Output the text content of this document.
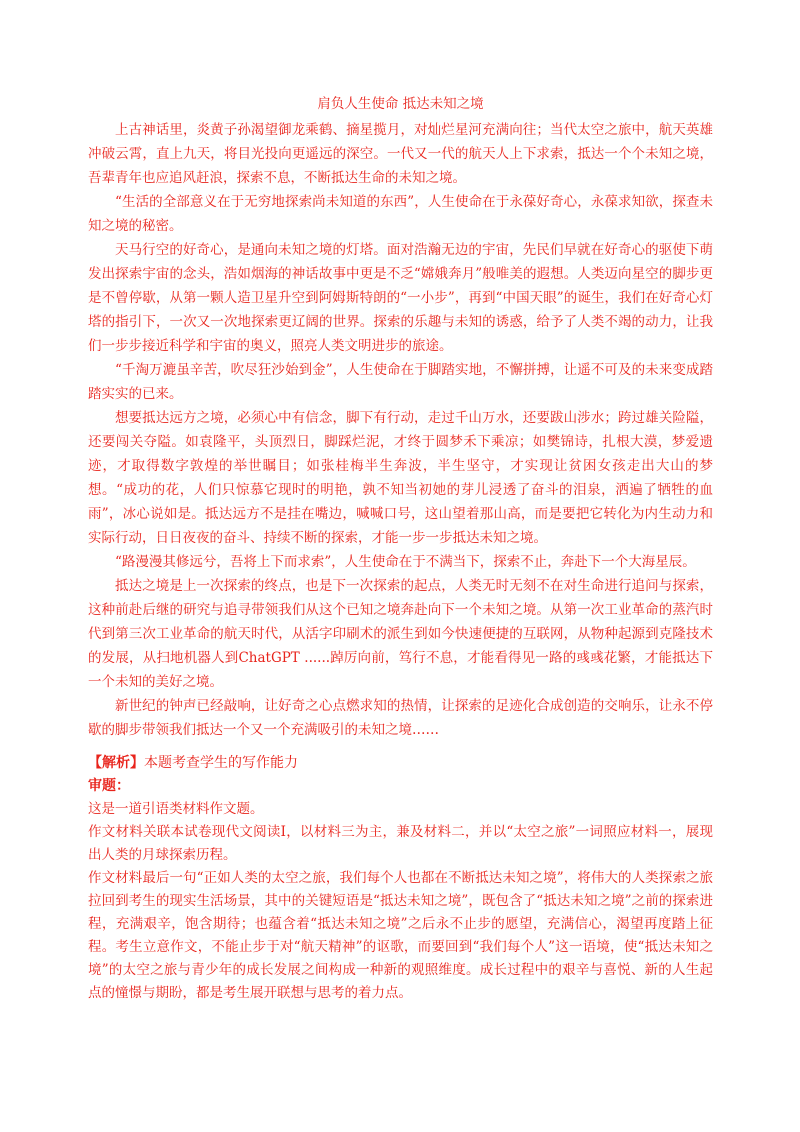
肩负人生使命 抵达未知之境

上古神话里，炎黄子孙渴望御龙乘鹤、摘星揽月，对灿烂星河充满向往；当代太空之旅中，航天英雄冲破云霄，直上九天，将目光投向更遥远的深空。一代又一代的航天人上下求索，抵达一个个未知之境，吾辈青年也应追风赶浪，探索不息，不断抵达生命的未知之境。

“生活的全部意义在于无穷地探索尚未知道的东西”，人生使命在于永葆好奇心，永葆求知欲，探查未知之境的秘密。

天马行空的好奇心，是通向未知之境的灯塔。面对浩瀚无边的宇宙，先民们早就在好奇心的驱使下萌发出探索宇宙的念头，浩如烟海的神话故事中更是不乏“嫦娥奔月”般唯美的遐想。人类迈向星空的脚步更是不曾停歇，从第一颗人造卫星升空到阿姆斯特朗的“一小步”，再到“中国天眼”的诞生，我们在好奇心灯塔的指引下，一次又一次地探索更辽阔的世界。探索的乐趣与未知的诱惑，给予了人类不竭的动力，让我们一步步接近科学和宇宙的奥义，照亮人类文明进步的旅途。

“千淘万漉虽辛苦，吹尽狂沙始到金”，人生使命在于脚踏实地，不懈拼搏，让遥不可及的未来变成踏踏实实的已来。

想要抵达远方之境，必须心中有信念，脚下有行动，走过千山万水，还要跋山涉水；跨过雄关险隘，还要闯关夺隘。如袁隆平，头顶烈日，脚踩烂泥，才终于圆梦禾下乘凉；如樊锦诗，扎根大漠，梦爱遗迹，才取得数字敦煌的举世瞩目；如张桂梅半生奔波，半生坚守，才实现让贫困女孩走出大山的梦想。“成功的花，人们只惊慕它现时的明艳，孰不知当初她的芽儿浸透了奋斗的泪泉，洒遍了牺牲的血雨”，冰心说如是。抵达远方不是挂在嘴边，喊喊口号，这山望着那山高，而是要把它转化为内生动力和实际行动，日日夜夜的奋斗、持续不断的探索，才能一步一步抵达未知之境。

“路漫漫其修远兮，吾将上下而求索”，人生使命在于不满当下，探索不止，奔赴下一个大海星辰。

抵达之境是上一次探索的终点，也是下一次探索的起点，人类无时无刻不在对生命进行追问与探索，这种前赴后继的研究与追寻带领我们从这个已知之境奔赴向下一个未知之境。从第一次工业革命的蒸汽时代到第三次工业革命的航天时代，从活字印刷术的派生到如今快速便捷的互联网，从物种起源到克隆技术的发展，从扫地机器人到ChatGPT ......踔厉向前，笃行不息，才能看得见一路的彧彧花繁，才能抵达下一个未知的美好之境。

新世纪的钟声已经敲响，让好奇之心点燃求知的热情，让探索的足迹化合成创造的交响乐，让永不停歇的脚步带领我们抵达一个又一个充满吸引的未知之境……

【解析】本题考查学生的写作能力
审题：

这是一道引语类材料作文题。

作文材料关联本试卷现代文阅读Ⅰ，以材料三为主，兼及材料二，并以“太空之旅”一词照应材料一，展现出人类的月球探索历程。

作文材料最后一句“正如人类的太空之旅，我们每个人也都在不断抵达未知之境”，将伟大的人类探索之旅拉回到考生的现实生活场景，其中的关键短语是“抵达未知之境”，既包含了“抵达未知之境”之前的探索进程，充满艰辛，饱含期待；也蕴含着“抵达未知之境”之后永不止步的愿望，充满信心，渴望再度踏上征程。考生立意作文，不能止步于对“航天精神”的讴歌，而要回到“我们每个人”这一语境，使“抵达未知之境”的太空之旅与青少年的成长发展之间构成一种新的观照维度。成长过程中的艰辛与喜悦、新的人生起点的憧憬与期盼，都是考生展开联想与思考的着力点。
